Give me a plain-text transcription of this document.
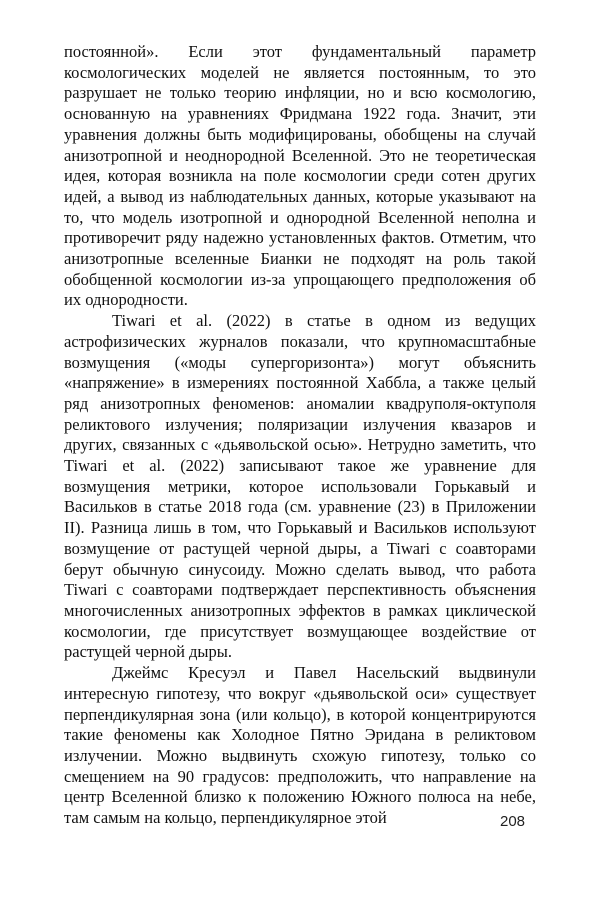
постоянной». Если этот фундаментальный параметр космологических моделей не является постоянным, то это разрушает не только теорию инфляции, но и всю космологию, основанную на уравнениях Фридмана 1922 года. Значит, эти уравнения должны быть модифицированы, обобщены на случай анизотропной и неоднородной Вселенной. Это не теоретическая идея, которая возникла на поле космологии среди сотен других идей, а вывод из наблюдательных данных, которые указывают на то, что модель изотропной и однородной Вселенной неполна и противоречит ряду надежно установленных фактов. Отметим, что анизотропные вселенные Бианки не подходят на роль такой обобщенной космологии из-за упрощающего предположения об их однородности.

Tiwari et al. (2022) в статье в одном из ведущих астрофизических журналов показали, что крупномасштабные возмущения («моды супергоризонта») могут объяснить «напряжение» в измерениях постоянной Хаббла, а также целый ряд анизотропных феноменов: аномалии квадруполя-октуполя реликтового излучения; поляризации излучения квазаров и других, связанных с «дьявольской осью». Нетрудно заметить, что Tiwari et al. (2022) записывают такое же уравнение для возмущения метрики, которое использовали Горькавый и Васильков в статье 2018 года (см. уравнение (23) в Приложении II). Разница лишь в том, что Горькавый и Васильков используют возмущение от растущей черной дыры, а Tiwari с соавторами берут обычную синусоиду. Можно сделать вывод, что работа Tiwari с соавторами подтверждает перспективность объяснения многочисленных анизотропных эффектов в рамках циклической космологии, где присутствует возмущающее воздействие от растущей черной дыры.

Джеймс Кресуэл и Павел Насельский выдвинули интересную гипотезу, что вокруг «дьявольской оси» существует перпендикулярная зона (или кольцо), в которой концентрируются такие феномены как Холодное Пятно Эридана в реликтовом излучении. Можно выдвинуть схожую гипотезу, только со смещением на 90 градусов: предположить, что направление на центр Вселенной близко к положению Южного полюса на небе, там самым на кольцо, перпендикулярное этой	208
